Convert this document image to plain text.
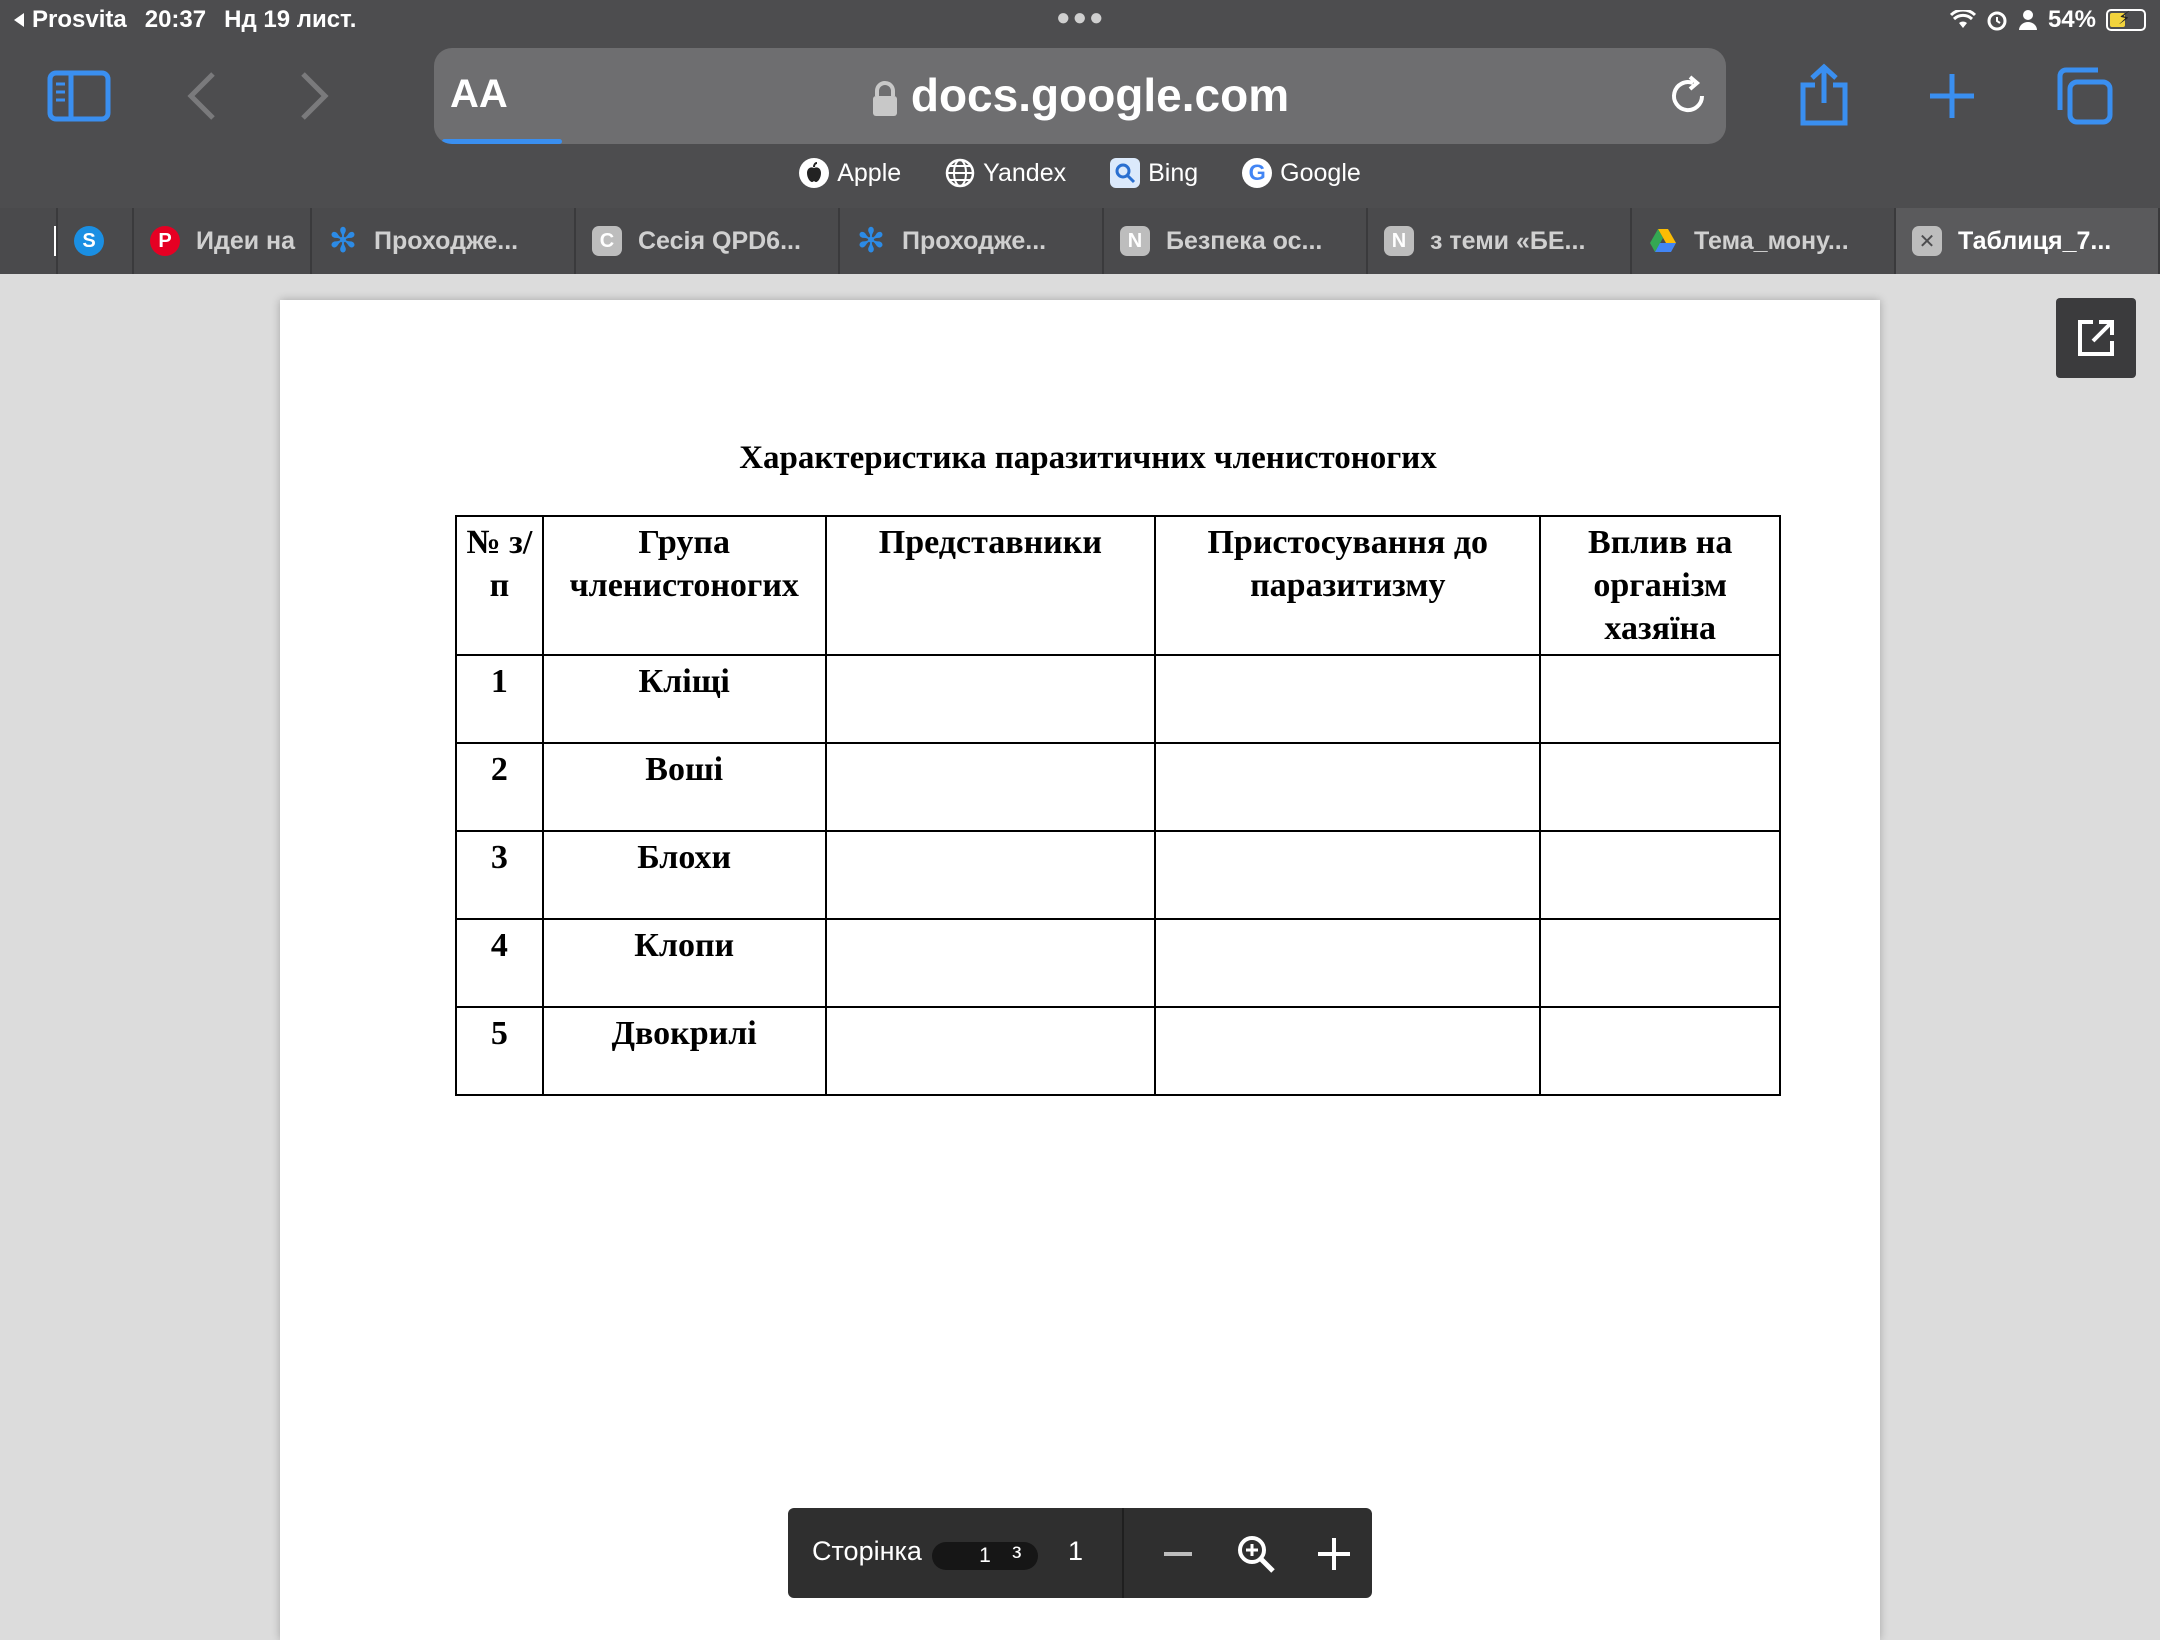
Prosvita 20:37 Нд 19 лист.	●●●	54% ⚡
AA	docs.google.com
Apple	Yandex	Bing G Google
S	P Идеи на ✻ Проходже...	C Сесія QPD6... ✻ Проходже...	N Безпека ос...	N з теми «БЕ...	Тема_мону...	✕ Таблиця_7...
Характеристика паразитичних членистоногих
№ з/п	Група членистоногих	Представники	Пристосування до паразитизму	Вплив на організм хазяїна
1	Кліщі			
2	Воші			
3	Блохи			
4	Клопи			
5	Двокрилі			
Сторінка	1	з 1
